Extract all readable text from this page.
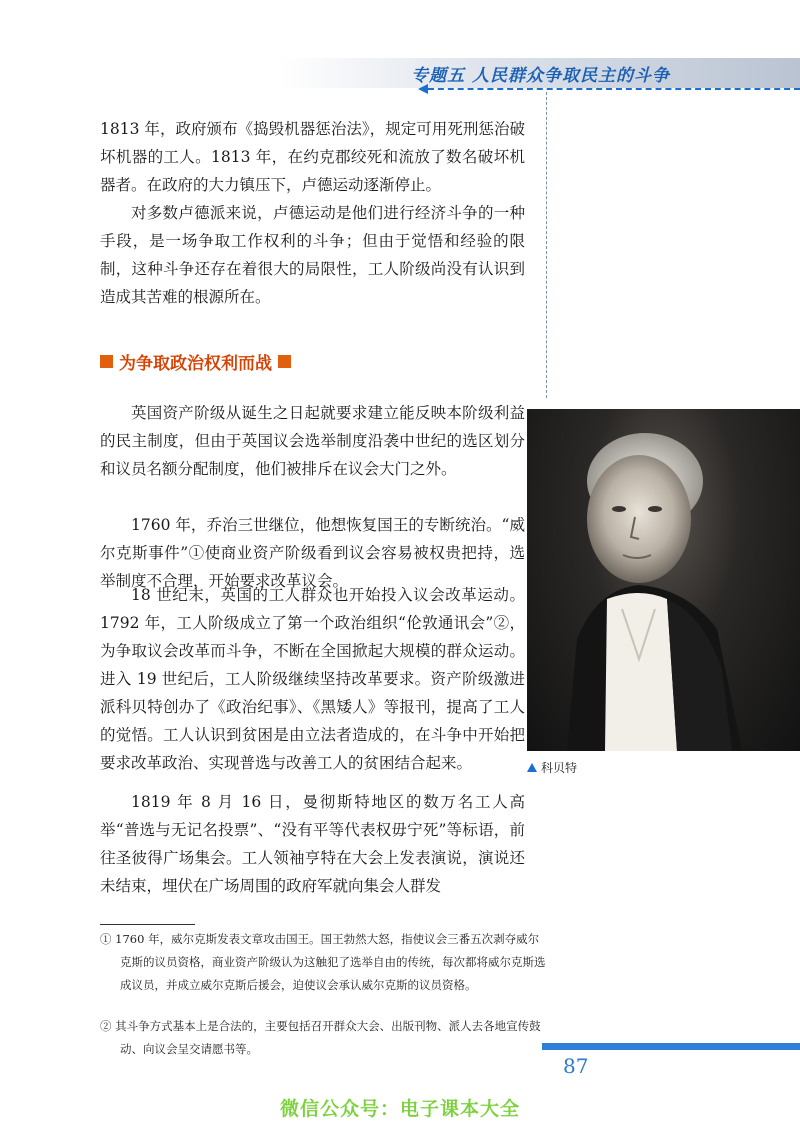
专题五 人民群众争取民主的斗争

1813 年，政府颁布《捣毁机器惩治法》，规定可用死刑惩治破坏机器的工人。1813 年，在约克郡绞死和流放了数名破坏机器者。在政府的大力镇压下，卢德运动逐渐停止。

对多数卢德派来说，卢德运动是他们进行经济斗争的一种手段，是一场争取工作权利的斗争；但由于觉悟和经验的限制，这种斗争还存在着很大的局限性，工人阶级尚没有认识到造成其苦难的根源所在。

为争取政治权利而战

英国资产阶级从诞生之日起就要求建立能反映本阶级利益的民主制度，但由于英国议会选举制度沿袭中世纪的选区划分和议员名额分配制度，他们被排斥在议会大门之外。

1760 年，乔治三世继位，他想恢复国王的专断统治。“威尔克斯事件”①使商业资产阶级看到议会容易被权贵把持，选举制度不合理，开始要求改革议会。

18 世纪末，英国的工人群众也开始投入议会改革运动。1792 年，工人阶级成立了第一个政治组织“伦敦通讯会”②，为争取议会改革而斗争，不断在全国掀起大规模的群众运动。进入 19 世纪后，工人阶级继续坚持改革要求。资产阶级激进派科贝特创办了《政治纪事》、《黑矮人》等报刊，提高了工人的觉悟。工人认识到贫困是由立法者造成的，在斗争中开始把要求改革政治、实现普选与改善工人的贫困结合起来。

1819 年 8 月 16 日，曼彻斯特地区的数万名工人高举“普选与无记名投票”、“没有平等代表权毋宁死”等标语，前往圣彼得广场集会。工人领袖亨特在大会上发表演说，演说还未结束，埋伏在广场周围的政府军就向集会人群发

科贝特

① 1760 年，威尔克斯发表文章攻击国王。国王勃然大怒，指使议会三番五次剥夺威尔克斯的议员资格，商业资产阶级认为这触犯了选举自由的传统，每次都将威尔克斯选成议员，并成立威尔克斯后援会，迫使议会承认威尔克斯的议员资格。

② 其斗争方式基本上是合法的，主要包括召开群众大会、出版刊物、派人去各地宣传鼓动、向议会呈交请愿书等。

87
微信公众号：电子课本大全
